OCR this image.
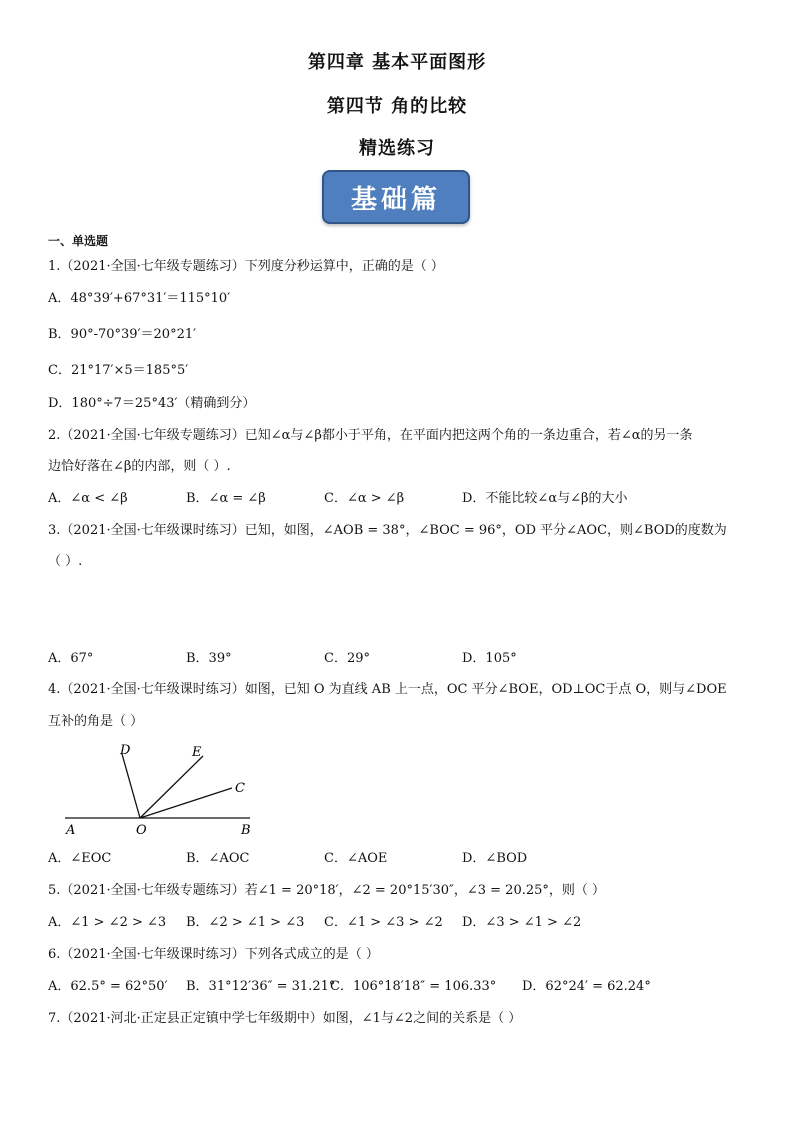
第四章 基本平面图形
第四节 角的比较
精选练习
基础篇
一、单选题
1.（2021·全国·七年级专题练习）下列度分秒运算中，正确的是（ ）
A．48°39′+67°31′＝115°10′
B．90°-70°39′＝20°21′
C．21°17′×5＝185°5′
D．180°÷7＝25°43′（精确到分）
2.（2021·全国·七年级专题练习）已知∠α与∠β都小于平角，在平面内把这两个角的一条边重合，若∠α的另一条
边恰好落在∠β的内部，则（ ）.
A．∠α < ∠β	B．∠α = ∠β	C．∠α > ∠β	D．不能比较∠α与∠β的大小
3.（2021·全国·七年级课时练习）已知，如图，∠AOB = 38°，∠BOC = 96°，OD 平分∠AOC，则∠BOD的度数为
（ ）.
A．67°	B．39°	C．29°	D．105°
4.（2021·全国·七年级课时练习）如图，已知 O 为直线 AB 上一点，OC 平分∠BOE，OD⊥OC于点 O，则与∠DOE
互补的角是（ ）
D	E
C
A	O	B
A．∠EOC	B．∠AOC	C．∠AOE	D．∠BOD
5.（2021·全国·七年级专题练习）若∠1 = 20°18′，∠2 = 20°15′30″，∠3 = 20.25°，则（ ）
A．∠1 > ∠2 > ∠3 B．∠2 > ∠1 > ∠3 C．∠1 > ∠3 > ∠2 D．∠3 > ∠1 > ∠2
6.（2021·全国·七年级课时练习）下列各式成立的是（ ）
A．62.5° = 62°50′ B．31°12′36″ = 31.21°
C．106°18′18″ = 106.33° D．62°24′ = 62.24°
7.（2021·河北·正定县正定镇中学七年级期中）如图，∠1与∠2之间的关系是（ ）
